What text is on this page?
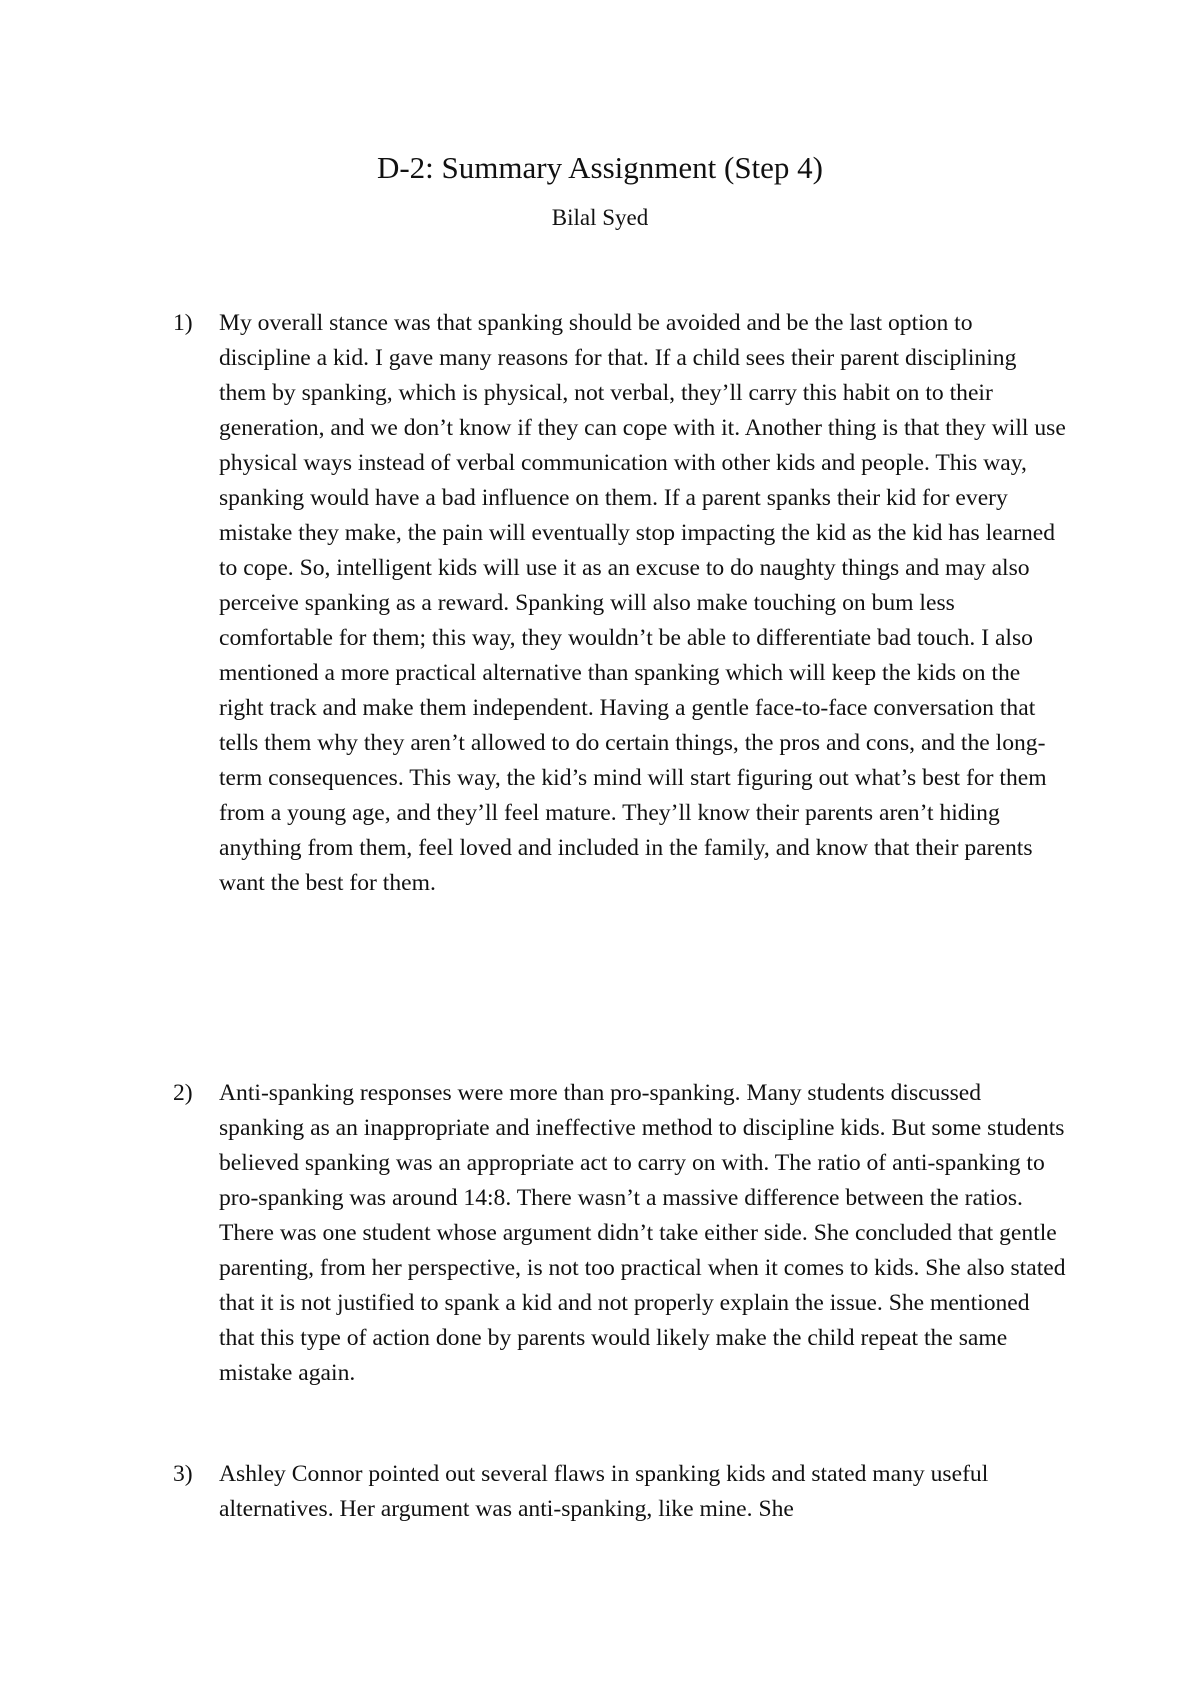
D-2: Summary Assignment (Step 4)
Bilal Syed
1)	My overall stance was that spanking should be avoided and be the last option to discipline a kid. I gave many reasons for that. If a child sees their parent disciplining them by spanking, which is physical, not verbal, they’ll carry this habit on to their generation, and we don’t know if they can cope with it. Another thing is that they will use physical ways instead of verbal communication with other kids and people. This way, spanking would have a bad influence on them. If a parent spanks their kid for every mistake they make, the pain will eventually stop impacting the kid as the kid has learned to cope. So, intelligent kids will use it as an excuse to do naughty things and may also perceive spanking as a reward. Spanking will also make touching on bum less comfortable for them; this way, they wouldn’t be able to differentiate bad touch. I also mentioned a more practical alternative than spanking which will keep the kids on the right track and make them independent. Having a gentle face-to-face conversation that tells them why they aren’t allowed to do certain things, the pros and cons, and the long-term consequences. This way, the kid’s mind will start figuring out what’s best for them from a young age, and they’ll feel mature. They’ll know their parents aren’t hiding anything from them, feel loved and included in the family, and know that their parents want the best for them.
2)	Anti-spanking responses were more than pro-spanking. Many students discussed spanking as an inappropriate and ineffective method to discipline kids. But some students believed spanking was an appropriate act to carry on with. The ratio of anti-spanking to pro-spanking was around 14:8. There wasn’t a massive difference between the ratios. There was one student whose argument didn’t take either side. She concluded that gentle parenting, from her perspective, is not too practical when it comes to kids. She also stated that it is not justified to spank a kid and not properly explain the issue. She mentioned that this type of action done by parents would likely make the child repeat the same mistake again.
3)	Ashley Connor pointed out several flaws in spanking kids and stated many useful alternatives. Her argument was anti-spanking, like mine. She
